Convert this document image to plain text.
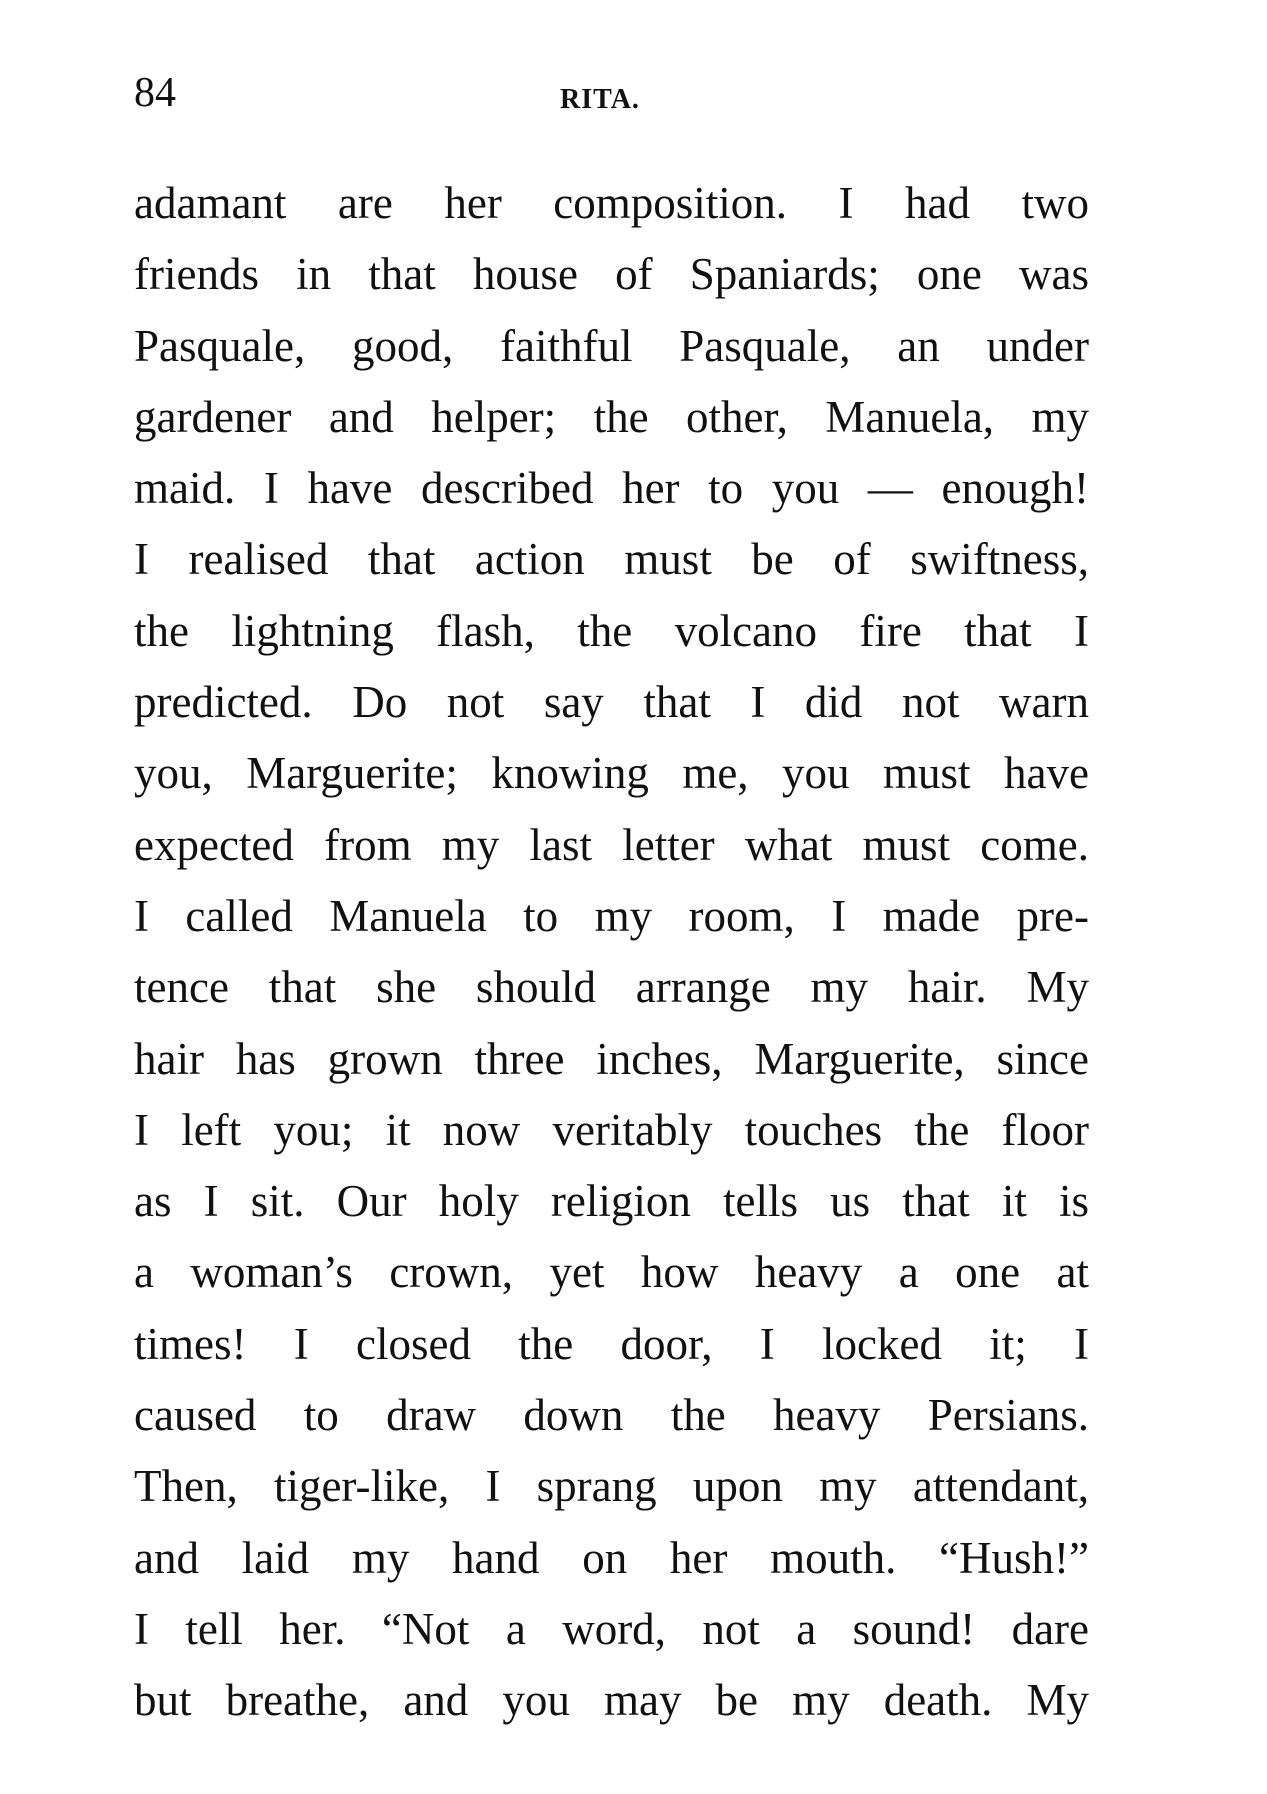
84	RITA.
adamant are her composition. I had two
friends in that house of Spaniards; one was
Pasquale, good, faithful Pasquale, an under
gardener and helper; the other, Manuela, my
maid. I have described her to you — enough!
I realised that action must be of swiftness,
the lightning flash, the volcano fire that I
predicted. Do not say that I did not warn
you, Marguerite; knowing me, you must have
expected from my last letter what must come.
I called Manuela to my room, I made pre-
tence that she should arrange my hair. My
hair has grown three inches, Marguerite, since
I left you; it now veritably touches the floor
as I sit. Our holy religion tells us that it is
a woman’s crown, yet how heavy a one at
times! I closed the door, I locked it; I
caused to draw down the heavy Persians.
Then, tiger-like, I sprang upon my attendant,
and laid my hand on her mouth. “Hush!”
I tell her. “Not a word, not a sound! dare
but breathe, and you may be my death. My
